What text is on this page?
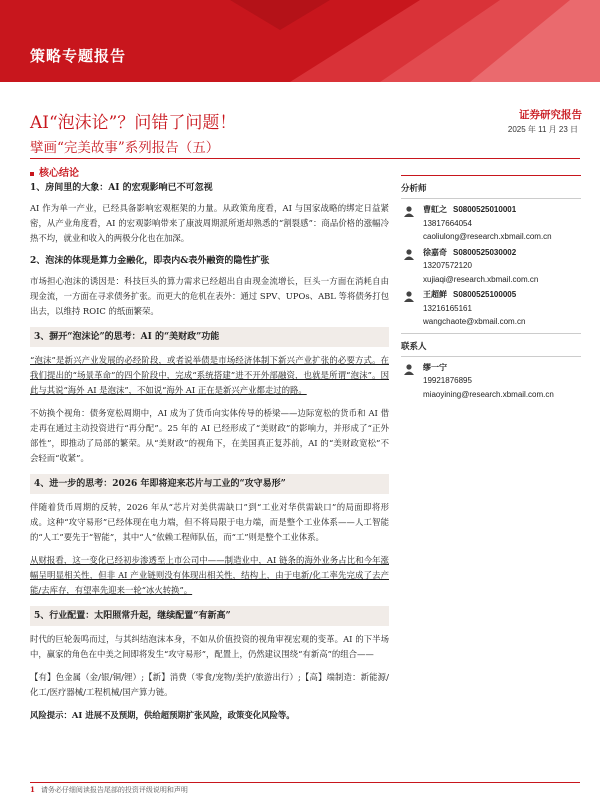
策略专题报告
AI“泡沫论”？问错了问题！
擘画“完美故事”系列报告（五）
证券研究报告
2025 年 11 月 23 日
核心结论
1、房间里的大象：AI 的宏观影响已不可忽视

AI 作为单一产业，已经具备影响宏观框架的力量。从政策角度看，AI 与国家战略的绑定日益紧密，从产业角度看，AI 的宏观影响带来了康波周期派所逝却熟悉的“割裂感”：商品价格的涨幅冷热不均，就业和收入的两极分化也在加深。

2、泡沫的体现是算力金融化，即表内&表外融资的隐性扩张

市场担心泡沫的诱因是：科技巨头的算力需求已经超出自由现金流增长，巨头一方面在消耗自由现金流，一方面在寻求债务扩张。而更大的危机在表外：通过 SPV、UPOs、ABL 等将债务打包出去，以维持 ROIC 的纸面繁荣。

3、摒开“泡沫论”的思考：AI 的“美财政”功能

“泡沫”是新兴产业发展的必经阶段，或者说举债是市场经济体制下新兴产业扩张的必要方式。在我们提出的“场景革命”的四个阶段中，完成“系统搭建”进不开外部融资，也就是所谓“泡沫”。因此与其说“海外 AI 是泡沫”，不如说“海外 AI 正在是新兴产业都走过的路。

不妨换个视角：债务宽松周期中，AI 成为了货币向实体传导的桥梁——边际宽松的货币和 AI 借走再在通过主动投资进行“再分配”。25 年的 AI 已经形成了“美财政”的影响力，并形成了“正外部性”，即推动了局部的繁荣。从“美财政”的视角下，在美国真正复苏前，AI 的“美财政宽松”不会轻而“收紧”。

4、进一步的思考：2026 年即将迎来芯片与工业的“攻守易形”

伴随着货币周期的反转，2026 年从“芯片对美供需缺口”到“工业对华供需缺口”的局面即将形成。这种“攻守易形”已经体现在电力端，但不将局限于电力端，而是整个工业体系——人工智能的“人工”要先于“智能”，其中“人”依赖工程师队伍，而“工”则是整个工业体系。

从财报看，这一变化已经初步渗透至上市公司中——制造业中，AI 链条的海外业务占比和今年涨幅呈明显相关性，但非 AI 产业链则没有体现出相关性，结构上，由于电新/化工率先完成了去产能/去库存，有望率先迎来一轮“冰火转换”。

5、行业配置：太阳照常升起，继续配置“有新高”

时代的巨轮轰鸣而过，与其纠结泡沫本身，不如从价值投资的视角审视宏观的变革。AI 的下半场中，赢家的角色在中美之间即将发生“攻守易形”，配置上，仍然建议围绕“有新高”的组合——

【有】色金属（金/银/铜/锂）;【新】消费（零食/宠物/美护/旅游出行）;【高】端制造：新能源/化工/医疗器械/工程机械/国产算力链。

风险提示：AI 进展不及预期，供给超预期扩张风险，政策变化风险等。

分析师
曹虹之 S0800525010001
13817664054
caoliulong@research.xbmail.com.cn
徐嘉奇 S0800525030002
13207572120
xujiaqi@research.xbmail.com.cn
王超鲜 S0800525100005
13216165161
wangchaote@xbmail.com.cn
联系人
缪一宁
19921876895
miaoyining@research.xbmail.com.cn
1 请务必仔细阅读报告尾部的投资评级说明和声明
